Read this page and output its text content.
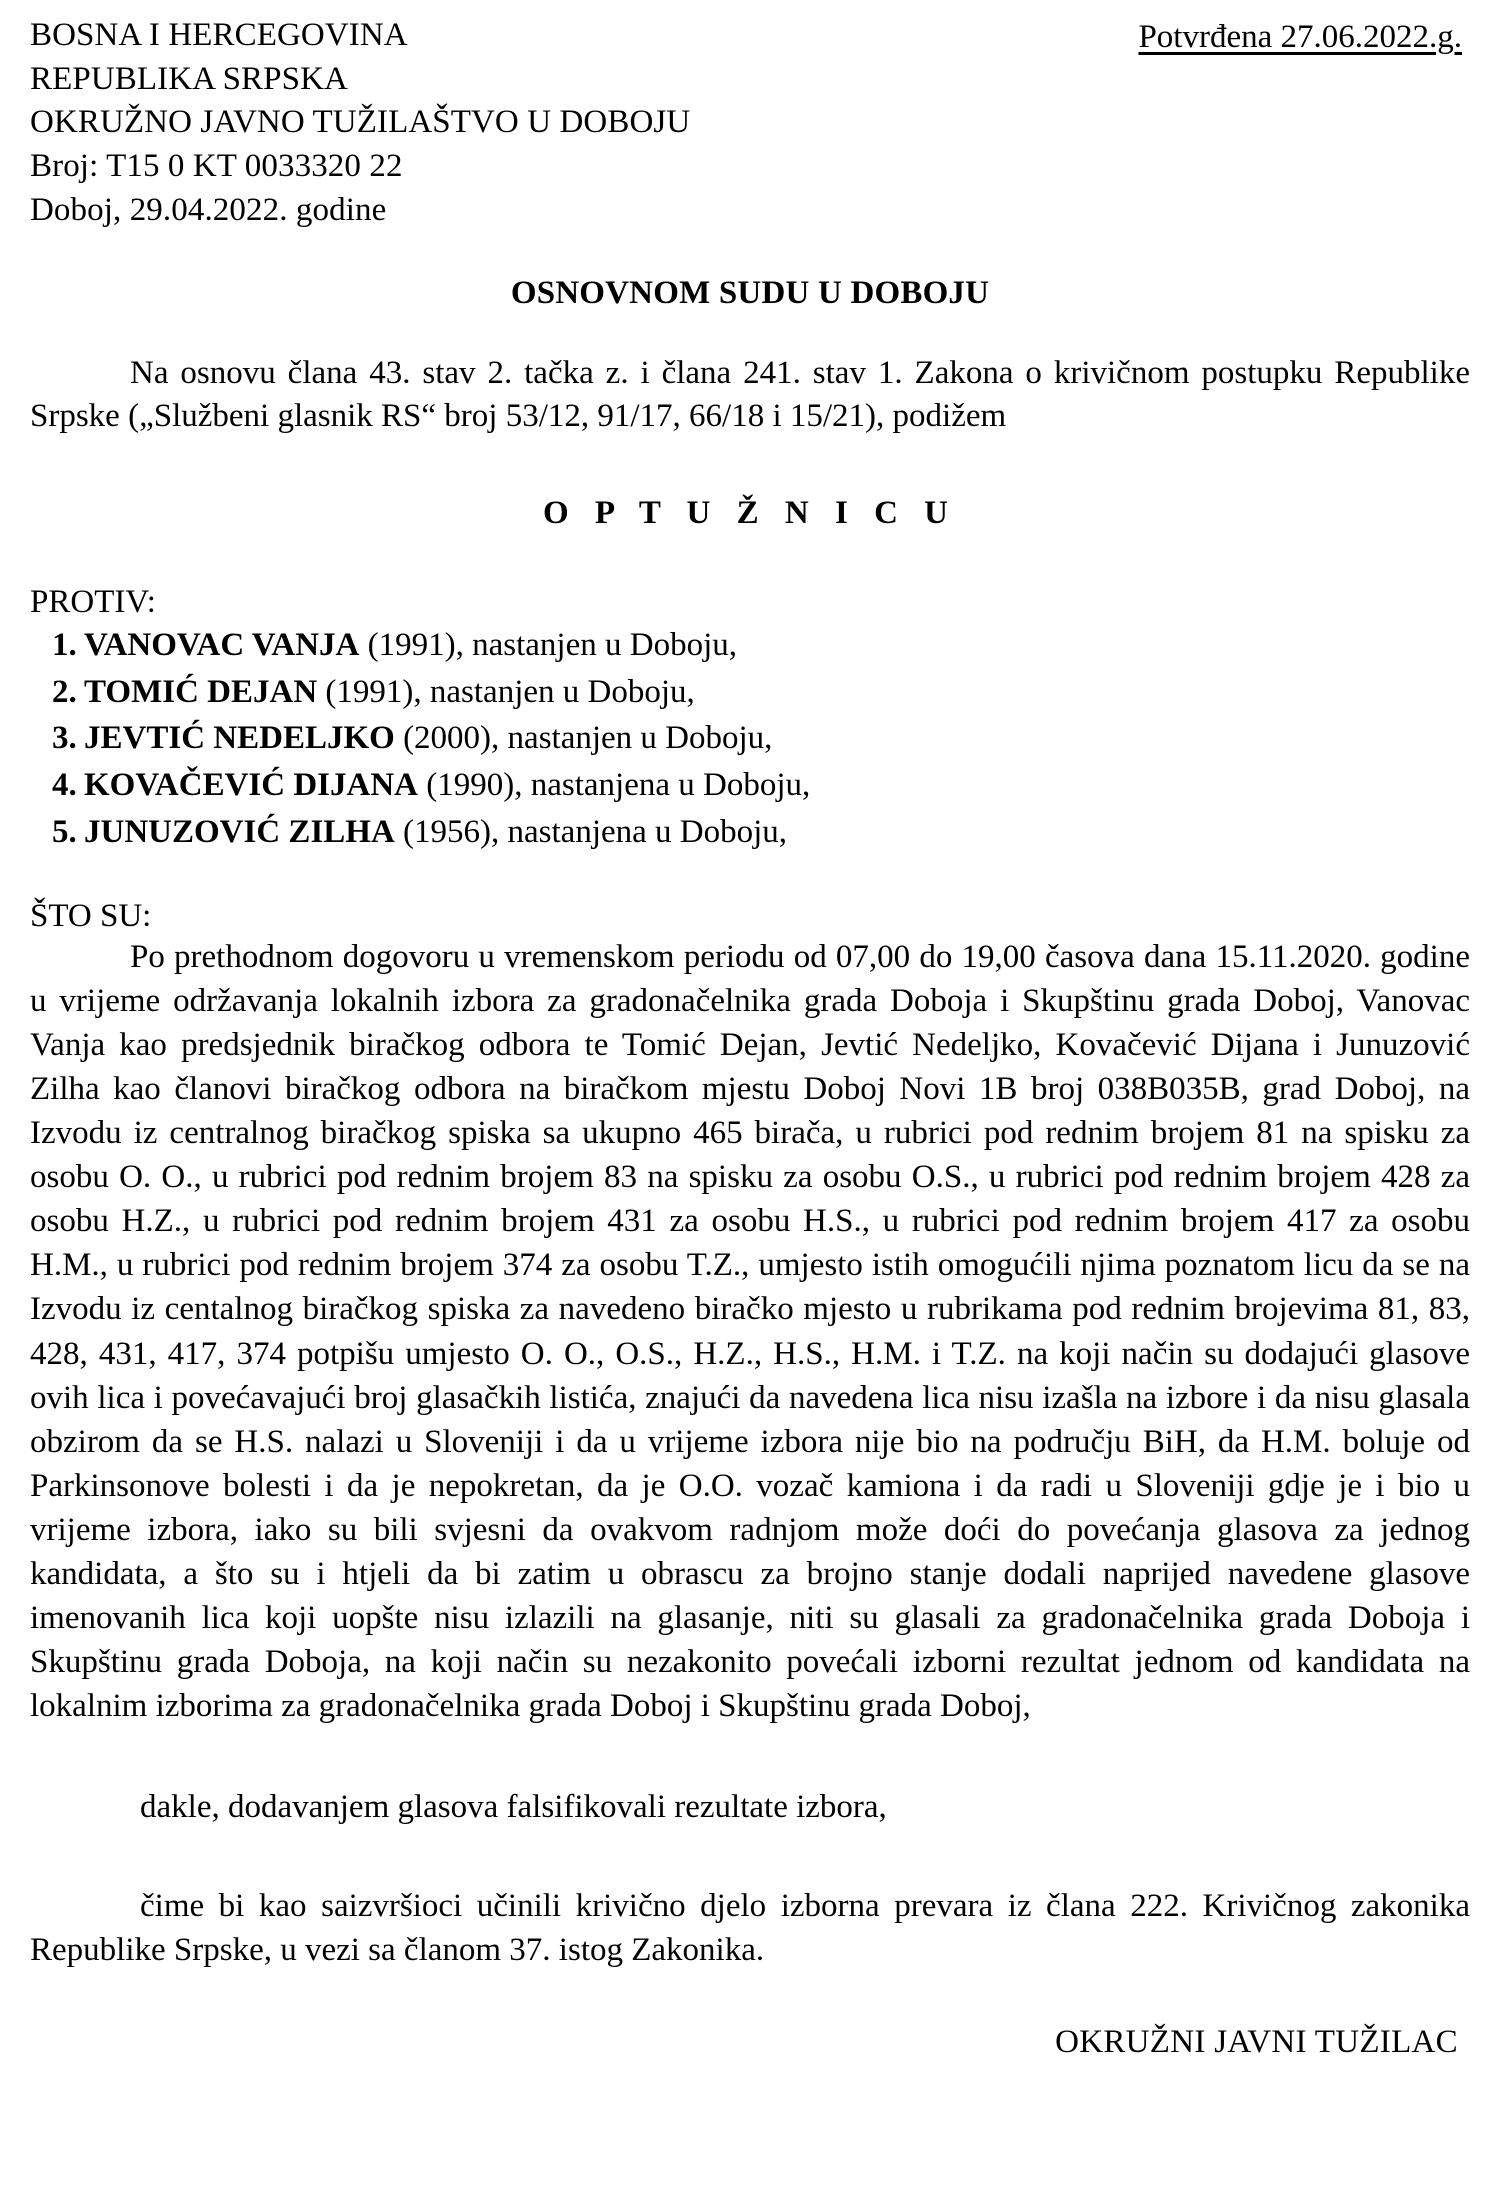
BOSNA I HERCEGOVINA
REPUBLIKA SRPSKA
OKRUŽNO JAVNO TUŽILAŠTVO U DOBOJU
Broj: T15 0 KT 0033320 22
Doboj, 29.04.2022. godine
Potvrđena 27.06.2022.g.
OSNOVNOM SUDU U DOBOJU

Na osnovu člana 43. stav 2. tačka z. i člana 241. stav 1. Zakona o krivičnom postupku Republike Srpske („Službeni glasnik RS“ broj 53/12, 91/17, 66/18 i 15/21), podižem

O P T U Ž N I C U
PROTIV:
1. VANOVAC VANJA (1991), nastanjen u Doboju,
2. TOMIĆ DEJAN (1991), nastanjen u Doboju,
3. JEVTIĆ NEDELJKO (2000), nastanjen u Doboju,
4. KOVAČEVIĆ DIJANA (1990), nastanjena u Doboju,
5. JUNUZOVIĆ ZILHA (1956), nastanjena u Doboju,
ŠTO SU:

Po prethodnom dogovoru u vremenskom periodu od 07,00 do 19,00 časova dana 15.11.2020. godine u vrijeme održavanja lokalnih izbora za gradonačelnika grada Doboja i Skupštinu grada Doboj, Vanovac Vanja kao predsjednik biračkog odbora te Tomić Dejan, Jevtić Nedeljko, Kovačević Dijana i Junuzović Zilha kao članovi biračkog odbora na biračkom mjestu Doboj Novi 1B broj 038B035B, grad Doboj, na Izvodu iz centralnog biračkog spiska sa ukupno 465 birača, u rubrici pod rednim brojem 81 na spisku za osobu O. O., u rubrici pod rednim brojem 83 na spisku za osobu O.S., u rubrici pod rednim brojem 428 za osobu H.Z., u rubrici pod rednim brojem 431 za osobu H.S., u rubrici pod rednim brojem 417 za osobu H.M., u rubrici pod rednim brojem 374 za osobu T.Z., umjesto istih omogućili njima poznatom licu da se na Izvodu iz centalnog biračkog spiska za navedeno biračko mjesto u rubrikama pod rednim brojevima 81, 83, 428, 431, 417, 374 potpišu umjesto O. O., O.S., H.Z., H.S., H.M. i T.Z. na koji način su dodajući glasove ovih lica i povećavajući broj glasačkih listića, znajući da navedena lica nisu izašla na izbore i da nisu glasala obzirom da se H.S. nalazi u Sloveniji i da u vrijeme izbora nije bio na području BiH, da H.M. boluje od Parkinsonove bolesti i da je nepokretan, da je O.O. vozač kamiona i da radi u Sloveniji gdje je i bio u vrijeme izbora, iako su bili svjesni da ovakvom radnjom može doći do povećanja glasova za jednog kandidata, a što su i htjeli da bi zatim u obrascu za brojno stanje dodali naprijed navedene glasove imenovanih lica koji uopšte nisu izlazili na glasanje, niti su glasali za gradonačelnika grada Doboja i Skupštinu grada Doboja, na koji način su nezakonito povećali izborni rezultat jednom od kandidata na lokalnim izborima za gradonačelnika grada Doboj i Skupštinu grada Doboj,

dakle, dodavanjem glasova falsifikovali rezultate izbora,

čime bi kao saizvršioci učinili krivično djelo izborna prevara iz člana 222. Krivičnog zakonika Republike Srpske, u vezi sa članom 37. istog Zakonika.

OKRUŽNI JAVNI TUŽILAC
